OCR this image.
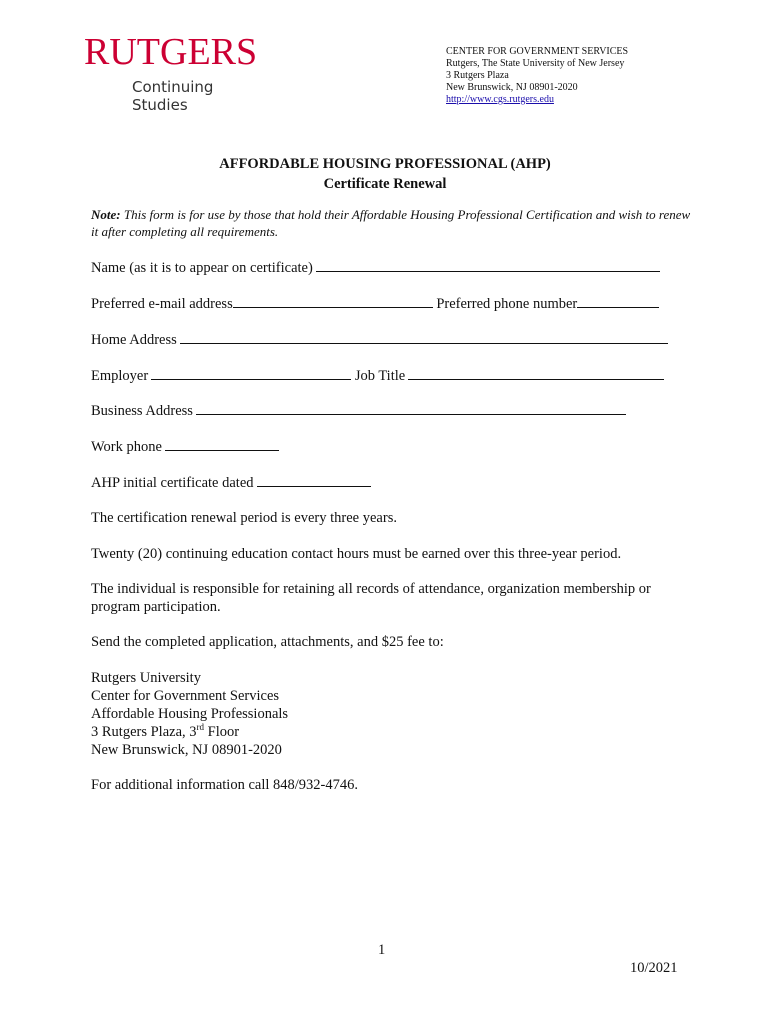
RUTGERS
Continuing Studies
CENTER FOR GOVERNMENT SERVICES
Rutgers, The State University of New Jersey
3 Rutgers Plaza
New Brunswick, NJ 08901-2020
http://www.cgs.rutgers.edu
AFFORDABLE HOUSING PROFESSIONAL (AHP)
Certificate Renewal
Note: This form is for use by those that hold their Affordable Housing Professional Certification and wish to renew it after completing all requirements.
Name (as it is to appear on certificate)
Preferred e-mail address	Preferred phone number
Home Address
Employer	Job Title
Business Address
Work phone
AHP initial certificate dated
The certification renewal period is every three years.
Twenty (20) continuing education contact hours must be earned over this three-year period.
The individual is responsible for retaining all records of attendance, organization membership or program participation.
Send the completed application, attachments, and $25 fee to:
Rutgers University
Center for Government Services
Affordable Housing Professionals
3 Rutgers Plaza, 3rd Floor
New Brunswick, NJ 08901-2020
For additional information call 848/932-4746.
1
10/2021
